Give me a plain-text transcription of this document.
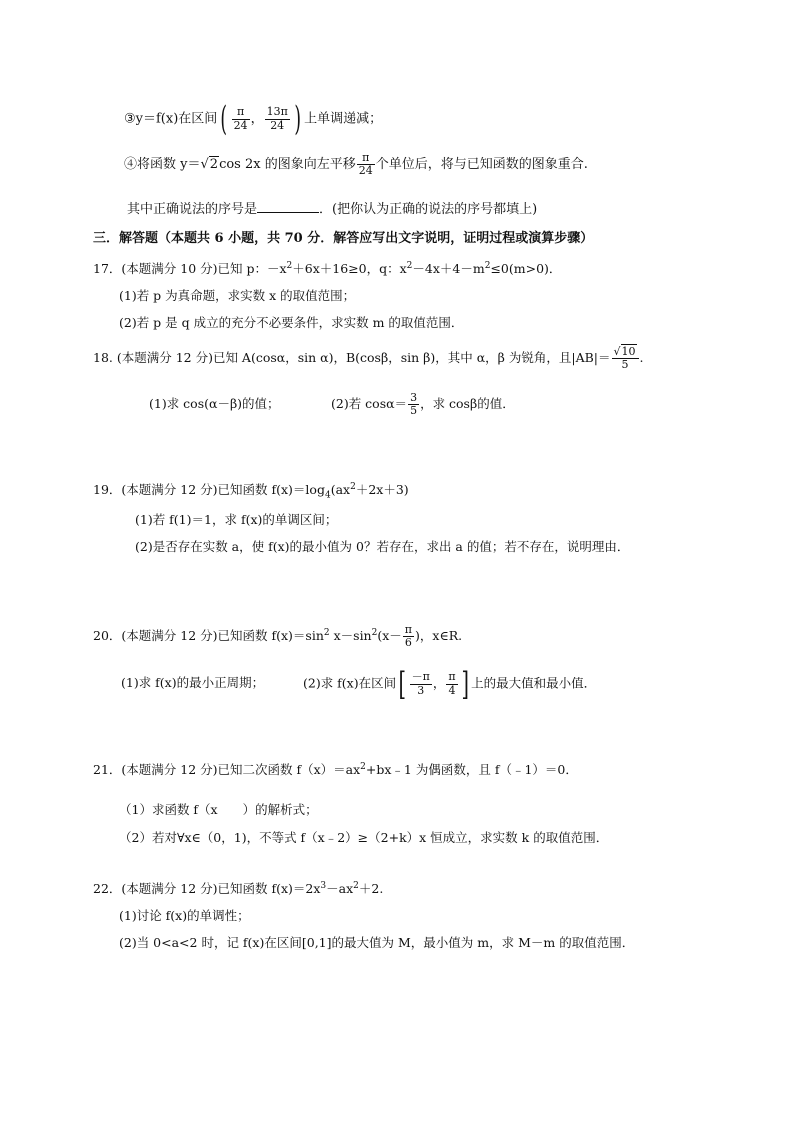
③y＝f(x)在区间( $\frac{\pi}{24}$ ， $\frac{13\pi}{24}$ ) 上单调递减；
④将函数 y＝√2cos 2x 的图象向左平移 $\frac{\pi}{24}$ 个单位后，将与已知函数的图象重合.
其中正确说法的序号是	．(把你认为正确的说法的序号都填上)
三．解答题（本题共 6 小题，共 70 分．解答应写出文字说明，证明过程或演算步骤）
17．(本题满分 10 分)已知 p：$-x^2+6x+16\ge 0$，q：$x^2-4x+4-m^2\le 0(m>0)$．
(1)若 p 为真命题，求实数 x 的取值范围；
(2)若 p 是 q 成立的充分不必要条件，求实数 m 的取值范围．
18. (本题满分 12 分)已知 A(cosα，sin α)，B(cosβ，sin β)，其中 α，β 为锐角，且$|AB|= \frac{√10}{5}$ .
(1)求 cos(α－β)的值；	(2)若 $\cos\alpha= \frac{3}{5}$ ，求 cosβ的值．
19．(本题满分 12 分)已知函数 $f(x)=\log_4(ax^2+2x+3)$
(1)若 f(1)＝1，求 f(x)的单调区间；
(2)是否存在实数 a，使 f(x)的最小值为 0？若存在，求出 a 的值；若不存在，说明理由．
20．(本题满分 12 分)已知函数 $f(x)=\sin^2$ $x-\sin^2(x- \frac{\pi}{6}$ )，x∈R.
(1)求 f(x)的最小正周期；	(2)求 f(x)在区间[ $\frac{-\pi}{3}$ ， $\frac{\pi}{4}$ ] 上的最大值和最小值．
21．(本题满分 12 分)已知二次函数 $f(x)=ax^2+bx﹣1$ 为偶函数，且 f（﹣1）＝0．
（1）求函数 f（x　　）的解析式；
（2）若对∀x∈（0，1)，不等式 f（x﹣2）≥（2+k）x 恒成立，求实数 k 的取值范围．
22．(本题满分 12 分)已知函数 $f(x)=2x^3-ax^2+2$.
(1)讨论 f(x)的单调性；
(2)当 0<a<2 时，记 f(x)在区间[0,1]的最大值为 M，最小值为 m，求 M－m 的取值范围．
